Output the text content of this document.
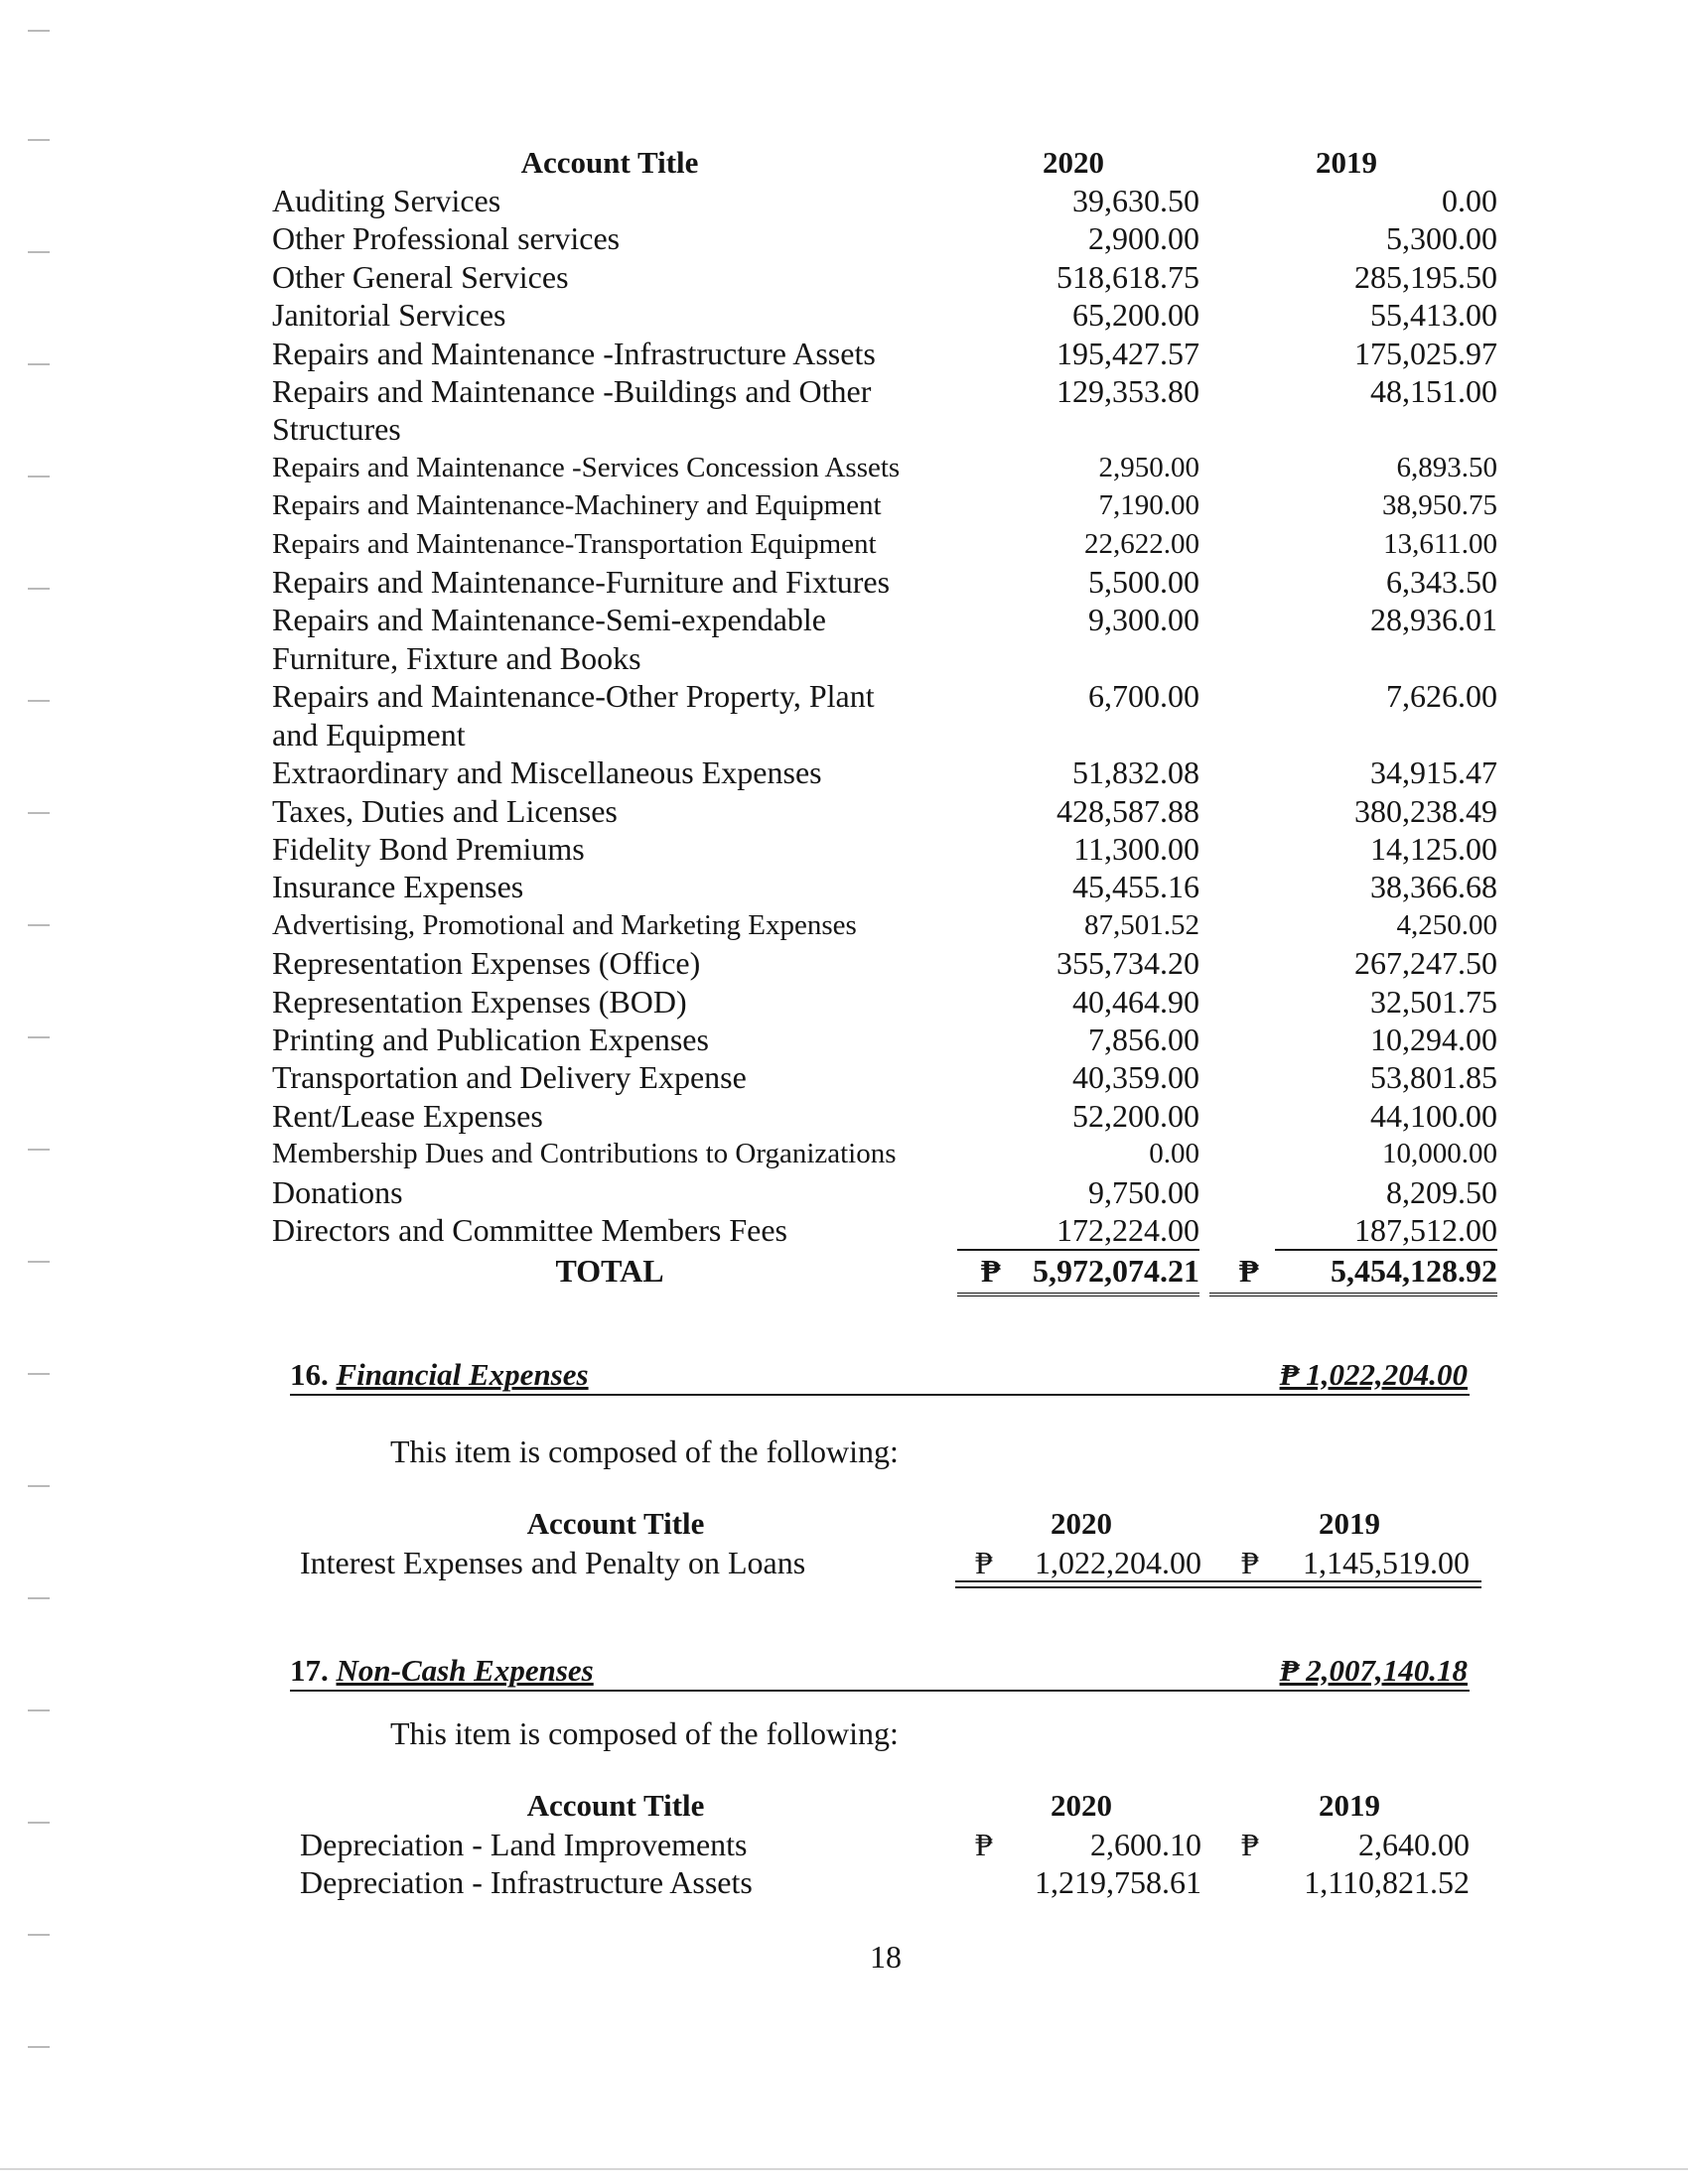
Account Title	2020	2019
Auditing Services	39,630.50	0.00
Other Professional services	2,900.00	5,300.00
Other General Services	518,618.75	285,195.50
Janitorial Services	65,200.00	55,413.00
Repairs and Maintenance -Infrastructure Assets	195,427.57	175,025.97
Repairs and Maintenance -Buildings and Other	129,353.80	48,151.00
Structures
Repairs and Maintenance -Services Concession Assets	2,950.00	6,893.50
Repairs and Maintenance-Machinery and Equipment	7,190.00	38,950.75
Repairs and Maintenance-Transportation Equipment	22,622.00	13,611.00
Repairs and Maintenance-Furniture and Fixtures	5,500.00	6,343.50
Repairs and Maintenance-Semi-expendable	9,300.00	28,936.01
Furniture, Fixture and Books
Repairs and Maintenance-Other Property, Plant	6,700.00	7,626.00
and Equipment
Extraordinary and Miscellaneous Expenses	51,832.08	34,915.47
Taxes, Duties and Licenses	428,587.88	380,238.49
Fidelity Bond Premiums	11,300.00	14,125.00
Insurance Expenses	45,455.16	38,366.68
Advertising, Promotional and Marketing Expenses	87,501.52	4,250.00
Representation Expenses (Office)	355,734.20	267,247.50
Representation Expenses (BOD)	40,464.90	32,501.75
Printing and Publication Expenses	7,856.00	10,294.00
Transportation and Delivery Expense	40,359.00	53,801.85
Rent/Lease Expenses	52,200.00	44,100.00
Membership Dues and Contributions to Organizations	0.00	10,000.00
Donations	9,750.00	8,209.50
Directors and Committee Members Fees	172,224.00	187,512.00
TOTAL	₱ 5,972,074.21 ₱ 5,454,128.92
16. Financial Expenses	₱ 1,022,204.00
This item is composed of the following:
Account Title	2020	2019
Interest Expenses and Penalty on Loans	₱	1,022,204.00 ₱	1,145,519.00
17. Non-Cash Expenses	₱ 2,007,140.18
This item is composed of the following:
Account Title	2020	2019
Depreciation - Land Improvements	₱	2,600.10 ₱	2,640.00
Depreciation - Infrastructure Assets	1,219,758.61	1,110,821.52
18
